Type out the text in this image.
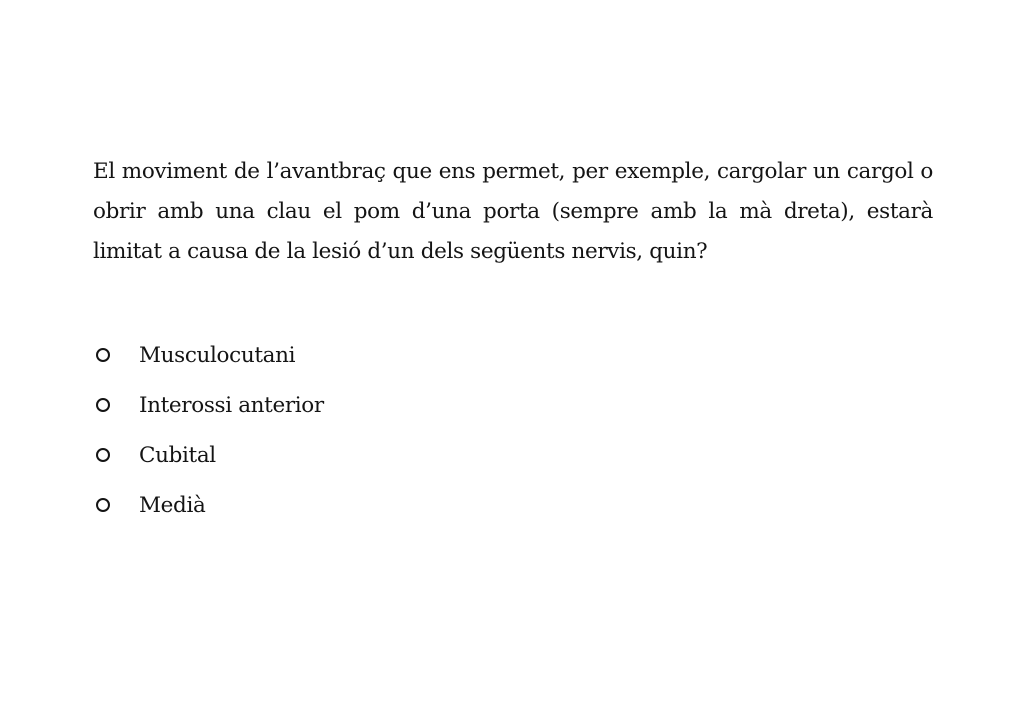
El moviment de l’avantbraç que ens permet, per exemple, cargolar un cargol o obrir amb una clau el pom d’una porta (sempre amb la mà dreta), estarà limitat a causa de la lesió d’un dels següents nervis, quin?

Musculocutani
Interossi anterior
Cubital
Medià
